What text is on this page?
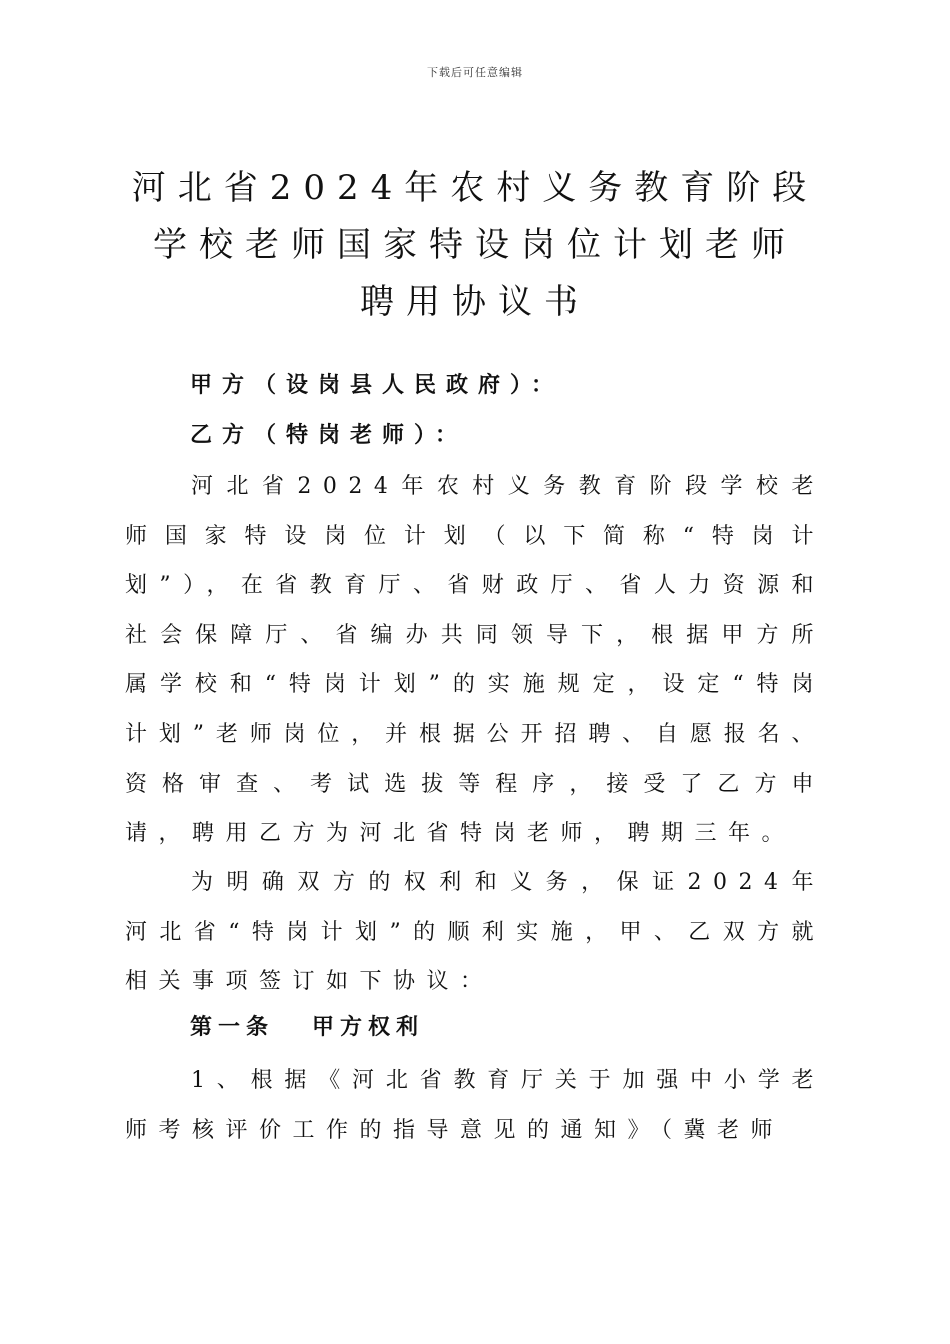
下载后可任意编辑
河北省2024年农村义务教育阶段
学校老师国家特设岗位计划老师
聘用协议书
甲方（设岗县人民政府）：
乙方（特岗老师）：

河北省2024年农村义务教育阶段学校老师国家特设岗位计划（以下简称“特岗计划”），在省教育厅、省财政厅、省人力资源和社会保障厅、省编办共同领导下，根据甲方所属学校和“特岗计划”的实施规定，设定“特岗计划”老师岗位，并根据公开招聘、自愿报名、资格审查、考试选拔等程序，接受了乙方申请，聘用乙方为河北省特岗老师，聘期三年。

为明确双方的权利和义务，保证2024年河北省“特岗计划”的顺利实施，甲、乙双方就相关事项签订如下协议：

第一条 甲方权利

1、根据《河北省教育厅关于加强中小学老师考核评价工作的指导意见的通知》（冀老师
